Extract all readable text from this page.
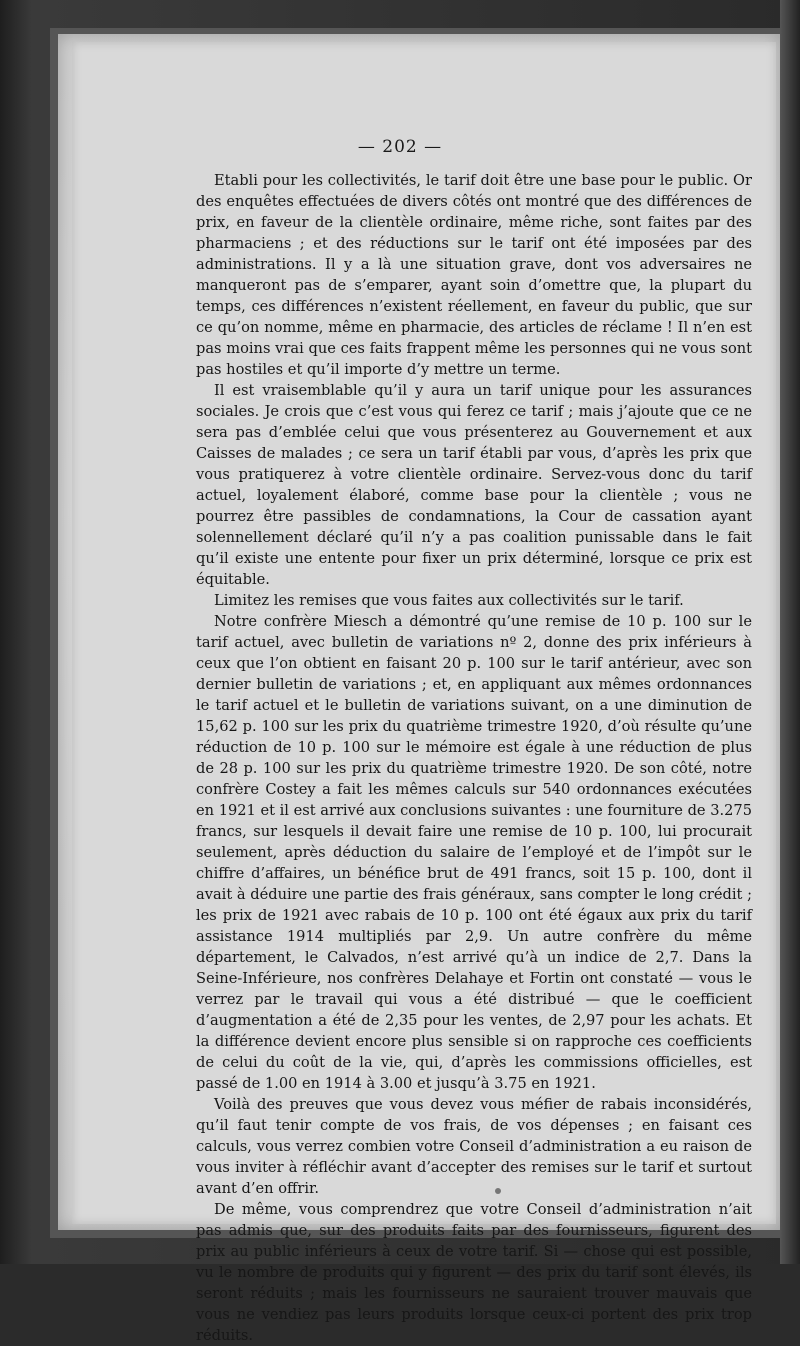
— 202 —

Etabli pour les collectivités, le tarif doit être une base pour le public. Or des enquêtes effectuées de divers côtés ont montré que des différences de prix, en faveur de la clientèle ordinaire, même riche, sont faites par des pharmaciens ; et des réductions sur le tarif ont été imposées par des administrations. Il y a là une situation grave, dont vos adversaires ne manqueront pas de s’emparer, ayant soin d’omettre que, la plupart du temps, ces différences n’existent réellement, en faveur du public, que sur ce qu’on nomme, même en pharmacie, des articles de réclame ! Il n’en est pas moins vrai que ces faits frappent même les personnes qui ne vous sont pas hostiles et qu’il importe d’y mettre un terme.

Il est vraisemblable qu’il y aura un tarif unique pour les assurances sociales. Je crois que c’est vous qui ferez ce tarif ; mais j’ajoute que ce ne sera pas d’emblée celui que vous présenterez au Gouvernement et aux Caisses de malades ; ce sera un tarif établi par vous, d’après les prix que vous pratiquerez à votre clientèle ordinaire. Servez-vous donc du tarif actuel, loyalement élaboré, comme base pour la clientèle ; vous ne pourrez être passibles de condamnations, la Cour de cassation ayant solennellement déclaré qu’il n’y a pas coalition punissable dans le fait qu’il existe une entente pour fixer un prix déterminé, lorsque ce prix est équitable.

Limitez les remises que vous faites aux collectivités sur le tarif.

Notre confrère Miesch a démontré qu’une remise de 10 p. 100 sur le tarif actuel, avec bulletin de variations nº 2, donne des prix inférieurs à ceux que l’on obtient en faisant 20 p. 100 sur le tarif antérieur, avec son dernier bulletin de variations ; et, en appliquant aux mêmes ordonnances le tarif actuel et le bulletin de variations suivant, on a une diminution de 15,62 p. 100 sur les prix du quatrième trimestre 1920, d’où résulte qu’une réduction de 10 p. 100 sur le mémoire est égale à une réduction de plus de 28 p. 100 sur les prix du quatrième trimestre 1920. De son côté, notre confrère Costey a fait les mêmes calculs sur 540 ordonnances exécutées en 1921 et il est arrivé aux conclusions suivantes : une fourniture de 3.275 francs, sur lesquels il devait faire une remise de 10 p. 100, lui procurait seulement, après déduction du salaire de l’employé et de l’impôt sur le chiffre d’affaires, un bénéfice brut de 491 francs, soit 15 p. 100, dont il avait à déduire une partie des frais généraux, sans compter le long crédit ; les prix de 1921 avec rabais de 10 p. 100 ont été égaux aux prix du tarif assistance 1914 multipliés par 2,9. Un autre confrère du même département, le Calvados, n’est arrivé qu’à un indice de 2,7. Dans la Seine-Inférieure, nos confrères Delahaye et Fortin ont constaté — vous le verrez par le travail qui vous a été distribué — que le coefficient d’augmentation a été de 2,35 pour les ventes, de 2,97 pour les achats. Et la différence devient encore plus sensible si on rapproche ces coefficients de celui du coût de la vie, qui, d’après les commissions officielles, est passé de 1.00 en 1914 à 3.00 et jusqu’à 3.75 en 1921.

Voilà des preuves que vous devez vous méfier de rabais inconsidérés, qu’il faut tenir compte de vos frais, de vos dépenses ; en faisant ces calculs, vous verrez combien votre Conseil d’administration a eu raison de vous inviter à réfléchir avant d’accepter des remises sur le tarif et surtout avant d’en offrir.

De même, vous comprendrez que votre Conseil d’administration n’ait pas admis que, sur des produits faits par des fournisseurs, figurent des prix au public inférieurs à ceux de votre tarif. Si — chose qui est possible, vu le nombre de produits qui y figurent — des prix du tarif sont élevés, ils seront réduits ; mais les fournisseurs ne sauraient trouver mauvais que vous ne vendiez pas leurs produits lorsque ceux-ci portent des prix trop réduits.
